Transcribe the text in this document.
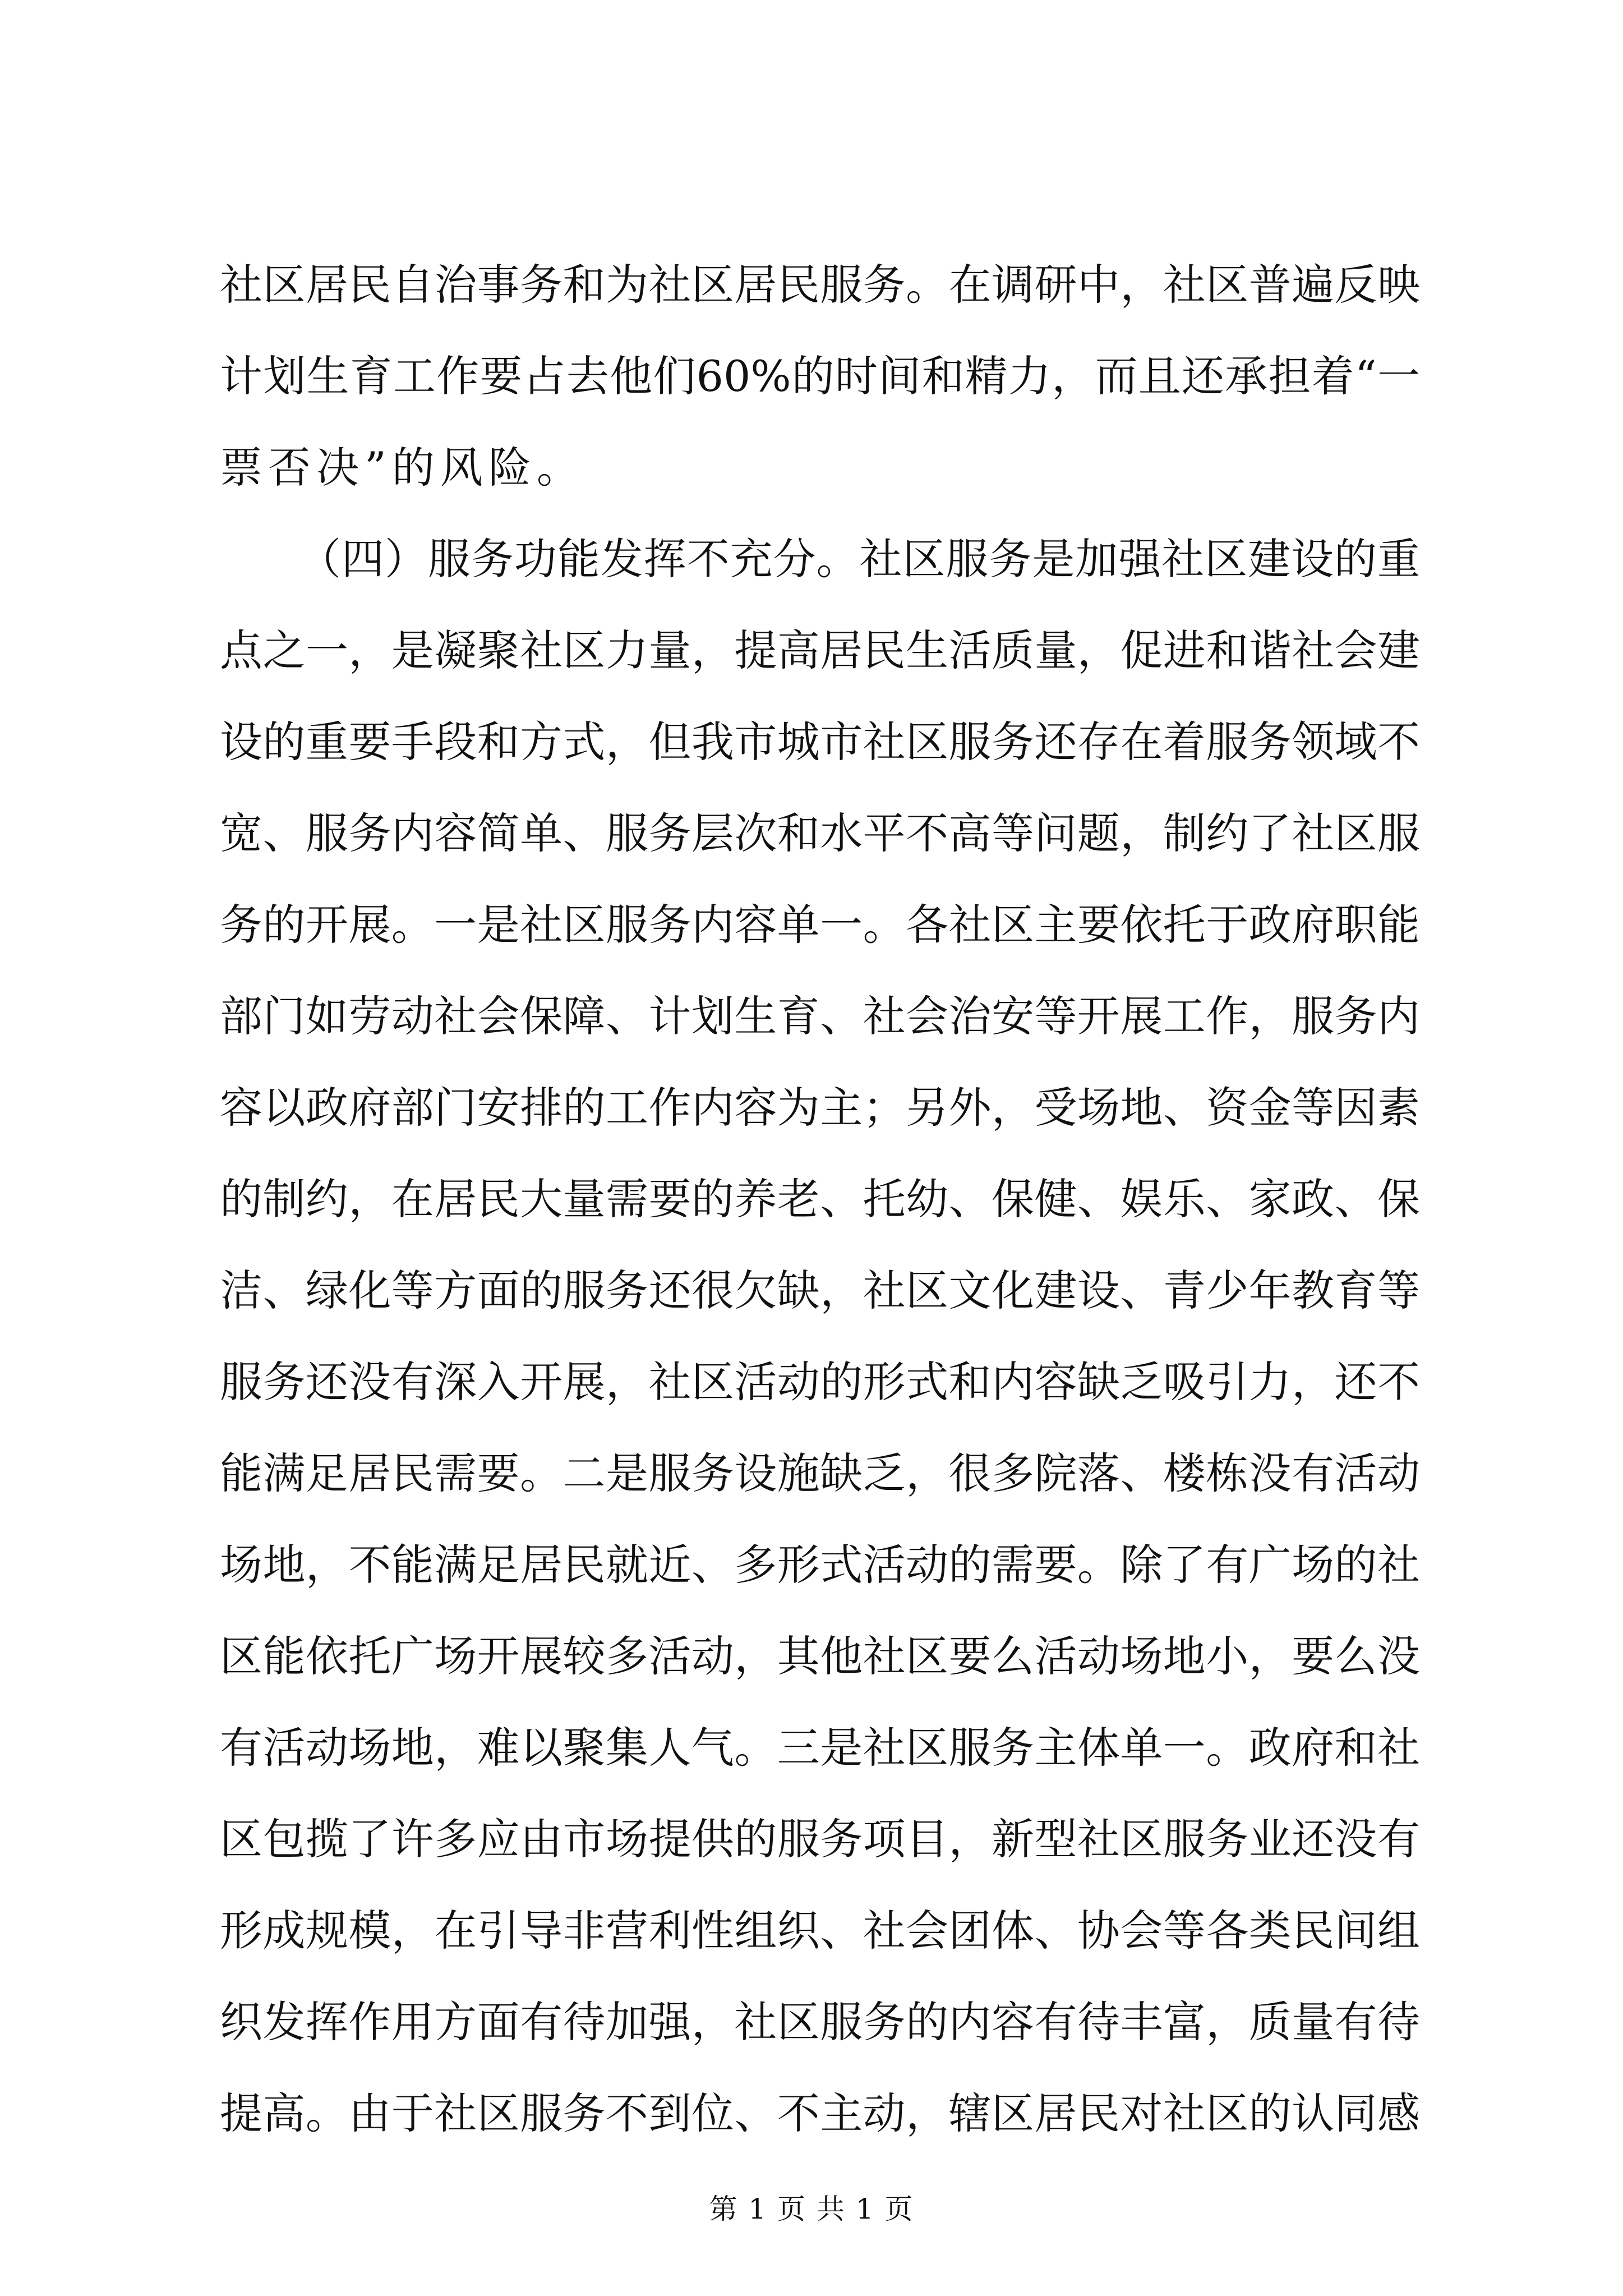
社区居民自治事务和为社区居民服务。在调研中，社区普遍反映
计划生育工作要占去他们60%的时间和精力，而且还承担着“一
票否决”的风险。
（四）服务功能发挥不充分。社区服务是加强社区建设的重
点之一，是凝聚社区力量，提高居民生活质量，促进和谐社会建
设的重要手段和方式，但我市城市社区服务还存在着服务领域不
宽、服务内容简单、服务层次和水平不高等问题，制约了社区服
务的开展。一是社区服务内容单一。各社区主要依托于政府职能
部门如劳动社会保障、计划生育、社会治安等开展工作，服务内
容以政府部门安排的工作内容为主；另外，受场地、资金等因素
的制约，在居民大量需要的养老、托幼、保健、娱乐、家政、保
洁、绿化等方面的服务还很欠缺，社区文化建设、青少年教育等
服务还没有深入开展，社区活动的形式和内容缺乏吸引力，还不
能满足居民需要。二是服务设施缺乏，很多院落、楼栋没有活动
场地，不能满足居民就近、多形式活动的需要。除了有广场的社
区能依托广场开展较多活动，其他社区要么活动场地小，要么没
有活动场地，难以聚集人气。三是社区服务主体单一。政府和社
区包揽了许多应由市场提供的服务项目，新型社区服务业还没有
形成规模，在引导非营利性组织、社会团体、协会等各类民间组
织发挥作用方面有待加强，社区服务的内容有待丰富，质量有待
提高。由于社区服务不到位、不主动，辖区居民对社区的认同感
第 1 页 共 1 页
